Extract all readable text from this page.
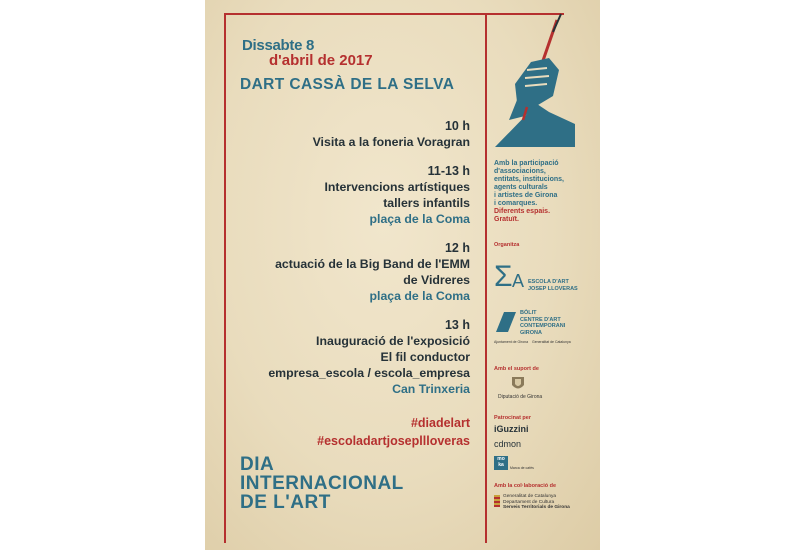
Dissabte 8
d'abril de 2017
DART CASSÀ DE LA SELVA
10 h
Visita a la foneria Voragran
11-13 h
Intervencions artístiques
tallers infantils
plaça de la Coma
12 h
actuació de la Big Band de l'EMM
de Vidreres
plaça de la Coma
13 h
Inauguració de l'exposició
El fil conductor
empresa_escola / escola_empresa
Can Trinxeria
#diadelart
#escoladartjosepllloveras
DIA
INTERNACIONAL
DE L'ART
Amb la participació
d'associacions,
entitats, institucions,
agents culturals
i artistes de Girona
i comarques.
Diferents espais.
Gratuït.
Organitza
Σ A ESCOLA D'ART
JOSEP LLOVERAS
BÒLIT
CENTRE D'ART
CONTEMPORANI
GIRONA
Ajuntament de Girona Generalitat de Catalunya
Amb el suport de
Diputació de Girona
Patrocinat per
iGuzzini
cdmon
mo
ka	Marca de cafès
Amb la col·laboració de
Generalitat de Catalunya
Departament de Cultura
Serveis Territorials de Girona
